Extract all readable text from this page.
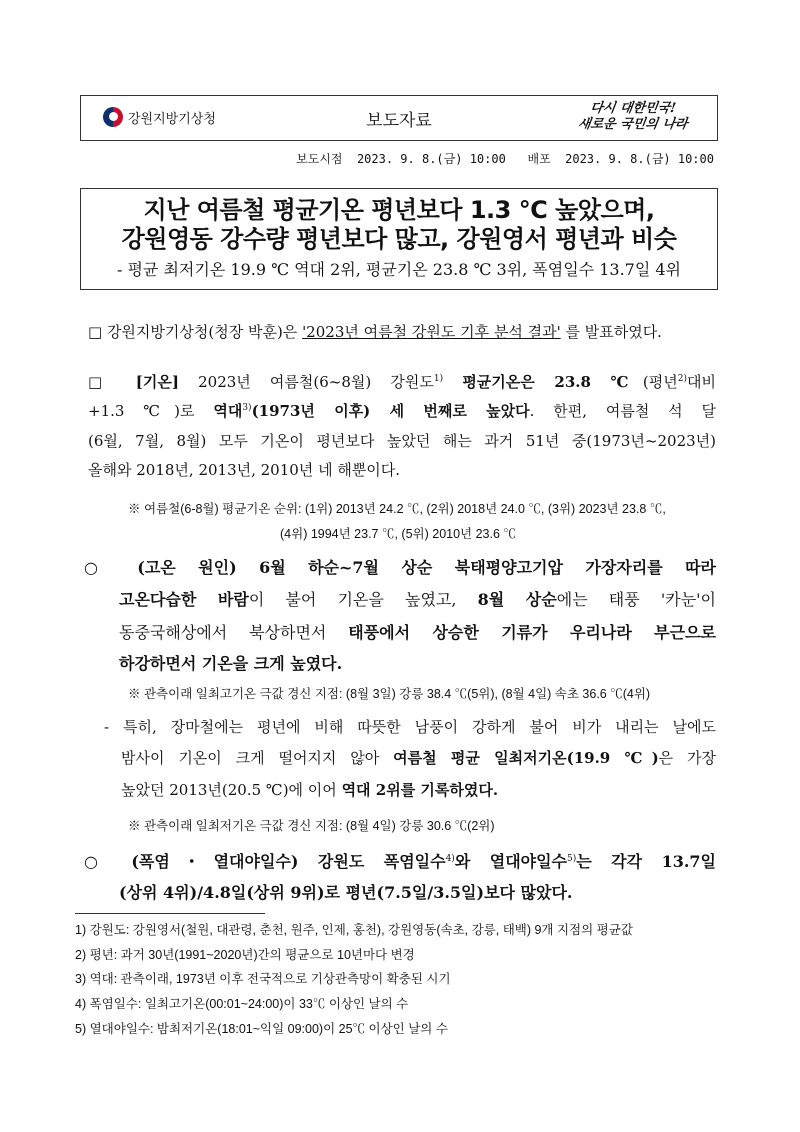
강원지방기상청	보도자료
다시 대한민국!
새로운 국민의 나라
보도시점  2023. 9. 8.(금) 10:00   배포  2023. 9. 8.(금) 10:00
지난 여름철 평균기온 평년보다 1.3 ℃ 높았으며,
강원영동 강수량 평년보다 많고, 강원영서 평년과 비슷
- 평균 최저기온 19.9 ℃ 역대 2위, 평균기온 23.8 ℃ 3위, 폭염일수 13.7일 4위
□ 강원지방기상청(청장 박훈)은 '2023년 여름철 강원도 기후 분석 결과' 를 발표하였다.
□ [기온] 2023년 여름철(6~8월) 강원도$^{1)}$ 평균기온은 23.8 ℃(평년$^{2)}$대비
+1.3 ℃)로 역대$^{3)}$(1973년 이후) 세 번째로 높았다. 한편, 여름철 석 달
(6월, 7월, 8월) 모두 기온이 평년보다 높았던 해는 과거 51년 중(1973년~2023년)
올해와 2018년, 2013년, 2010년 네 해뿐이다.
○ (고온 원인) 6월 하순~7월 상순 북태평양고기압 가장자리를 따라
고온다습한 바람이 불어 기온을 높였고, 8월 상순에는 태풍 '카눈'이
동중국해상에서 북상하면서 태풍에서 상승한 기류가 우리나라 부근으로
하강하면서 기온을 크게 높였다.
- 특히, 장마철에는 평년에 비해 따뜻한 남풍이 강하게 불어 비가 내리는 날에도
밤사이 기온이 크게 떨어지지 않아 여름철 평균 일최저기온(19.9 ℃)은 가장
높았던 2013년(20.5 ℃)에 이어 역대 2위를 기록하였다.
○ (폭염・열대야일수) 강원도 폭염일수$^{4)}$와 열대야일수$^{5)}$는 각각 13.7일
(상위 4위)/4.8일(상위 9위)로 평년(7.5일/3.5일)보다 많았다.
※ 여름철(6-8월) 평균기온 순위: (1위) 2013년 24.2 ℃, (2위) 2018년 24.0 ℃, (3위) 2023년 23.8 ℃,
(4위) 1994년 23.7 ℃, (5위) 2010년 23.6 ℃
※ 관측이래 일최고기온 극값 경신 지점: (8월 3일) 강릉 38.4 ℃(5위), (8월 4일) 속초 36.6 ℃(4위)
※ 관측이래 일최저기온 극값 경신 지점: (8월 4일) 강릉 30.6 ℃(2위)
1) 강원도: 강원영서(철원, 대관령, 춘천, 원주, 인제, 홍천), 강원영동(속초, 강릉, 태백) 9개 지점의 평균값
2) 평년: 과거 30년(1991~2020년)간의 평균으로 10년마다 변경
3) 역대: 관측이래, 1973년 이후 전국적으로 기상관측망이 확충된 시기
4) 폭염일수: 일최고기온(00:01~24:00)이 33℃ 이상인 날의 수
5) 열대야일수: 밤최저기온(18:01~익일 09:00)이 25℃ 이상인 날의 수
